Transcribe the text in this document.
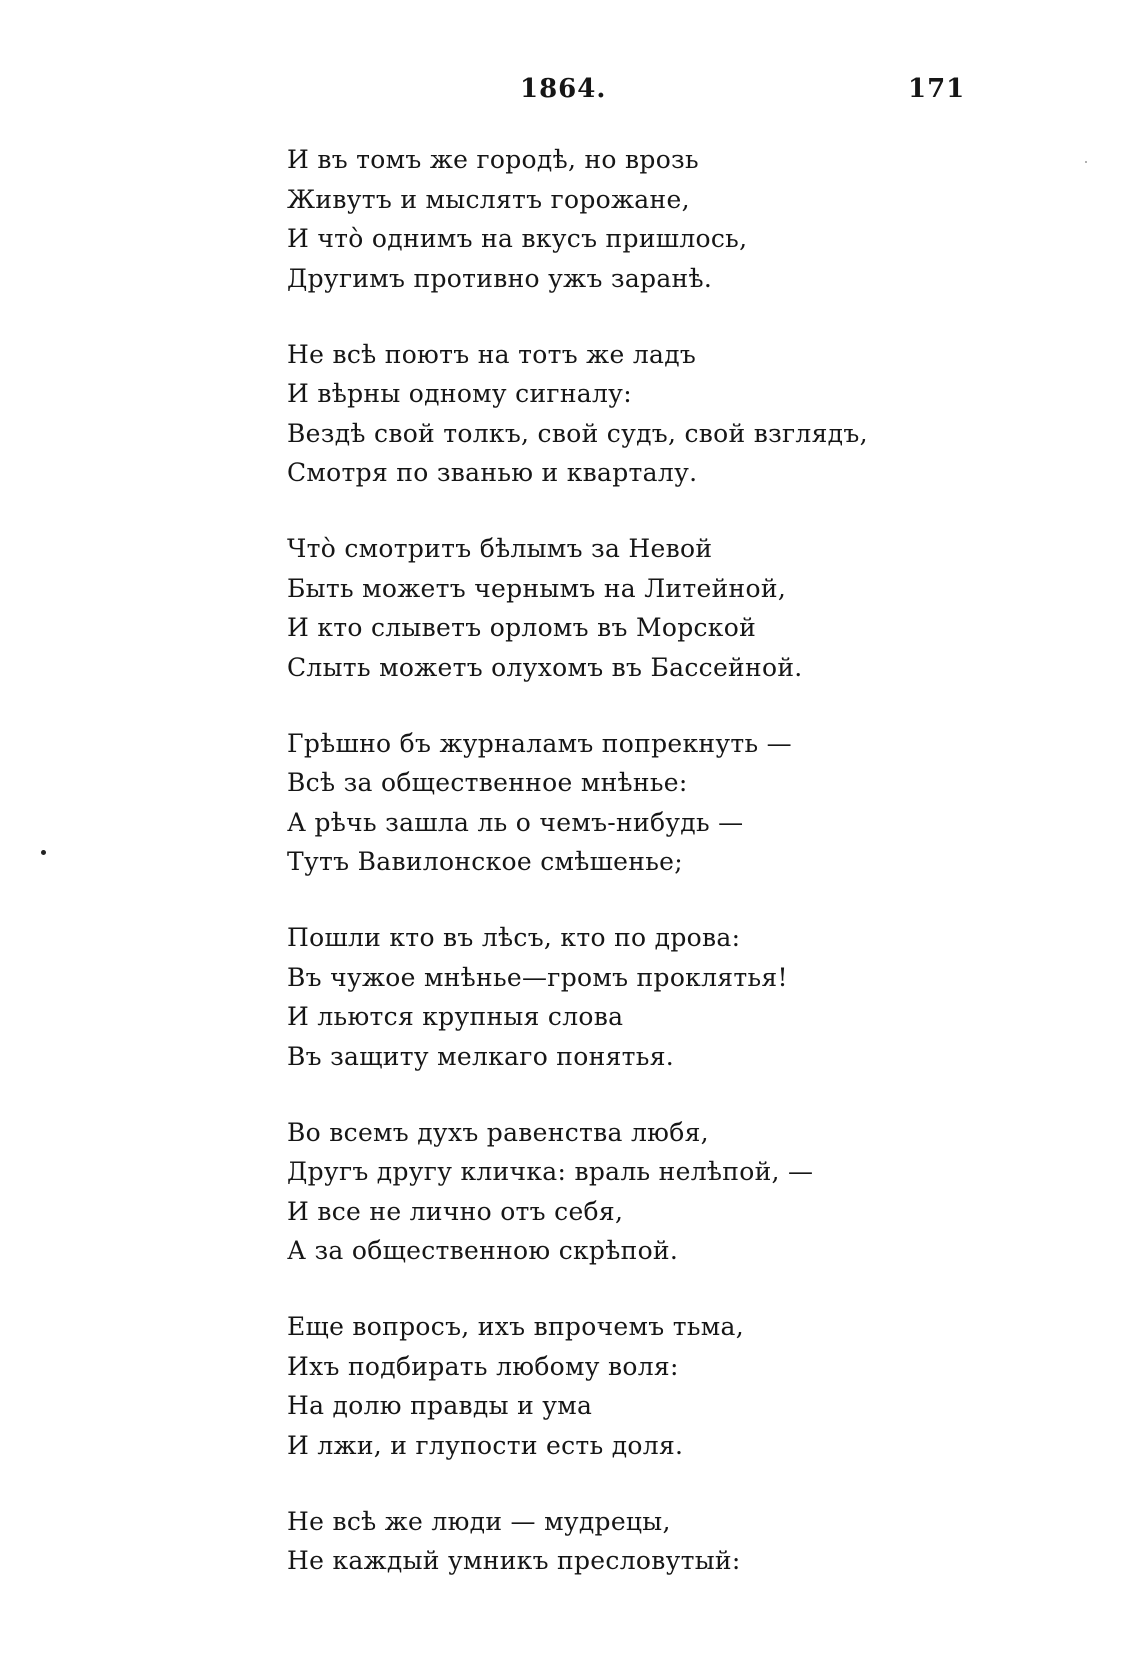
1864.	171
И въ томъ же городѣ, но врозь
Живутъ и мыслятъ горожане,
И что̀ однимъ на вкусъ пришлось,
Другимъ противно ужъ заранѣ.
Не всѣ поютъ на тотъ же ладъ
И вѣрны одному сигналу:
Вездѣ свой толкъ, свой судъ, свой взглядъ,
Смотря по званью и кварталу.
Что̀ смотритъ бѣлымъ за Невой
Быть можетъ чернымъ на Литейной,
И кто слыветъ орломъ въ Морской
Слыть можетъ олухомъ въ Бассейной.
Грѣшно бъ журналамъ попрекнуть —
Всѣ за общественное мнѣнье:
А рѣчь зашла ль о чемъ-нибудь —
Тутъ Вавилонское смѣшенье;
Пошли кто въ лѣсъ, кто по дрова:
Въ чужое мнѣнье—громъ проклятья!
И льются крупныя слова
Въ защиту мелкаго понятья.
Во всемъ духъ равенства любя,
Другъ другу кличка: враль нелѣпой, —
И все не лично отъ себя,
А за общественною скрѣпой.
Еще вопросъ, ихъ впрочемъ тьма,
Ихъ подбирать любому воля:
На долю правды и ума
И лжи, и глупости есть доля.
Не всѣ же люди — мудрецы,
Не каждый умникъ пресловутый:
